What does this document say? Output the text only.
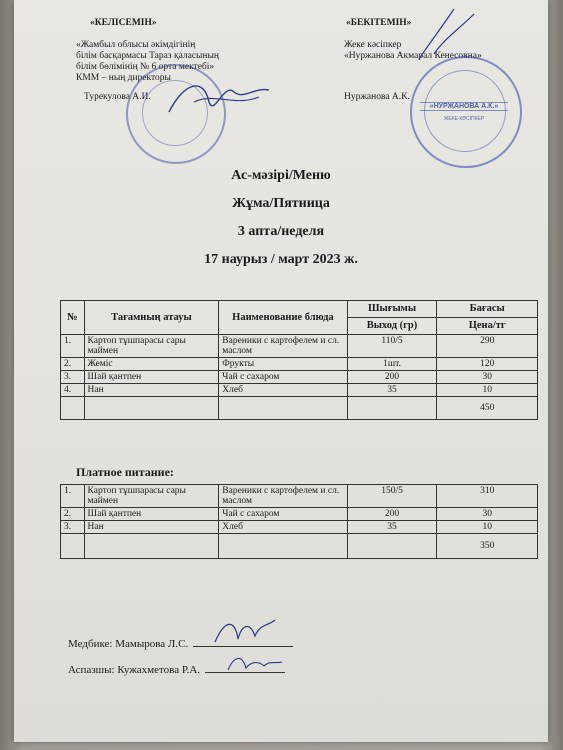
«КЕЛІСЕМІН»
«Жамбыл облысы әкімдігінің
білім басқармасы Тараз қаласының
білім бөлімінің № 6 орта мектебі»
КММ – ның директоры
Турекулова А.И.
«БЕКІТЕМІН»
Жеке кәсіпкер
«Нуржанова Акмарал Кенесовна»
Нуржанова А.К.
«НУРЖАНОВА А.К.»
ЖЕКЕ КӘСІПКЕР
Ас-мәзірі/Меню
Жұма/Пятница
3 апта/неделя
17 наурыз / март 2023 ж.
№	Тағамның атауы	Наименование блюда	Шығымы	Бағасы
			Выход (гр)	Цена/тг
1.	Картоп тұшпарасы сары маймен	Вареники с картофелем и сл. маслом	110/5	290
2.	Жеміс	Фрукты	1шт.	120
3.	Шай қантпен	Чай с сахаром	200	30
4.	Нан	Хлеб	35	10
				450
Платное питание:
1.	Картоп тұшпарасы сары маймен	Вареники с картофелем и сл. маслом	150/5	310
2.	Шай қантпен	Чай с сахаром	200	30
3.	Нан	Хлеб	35	10
				350
Медбике: Мамырова Л.С.
Аспазшы: Кужахметова Р.А.
